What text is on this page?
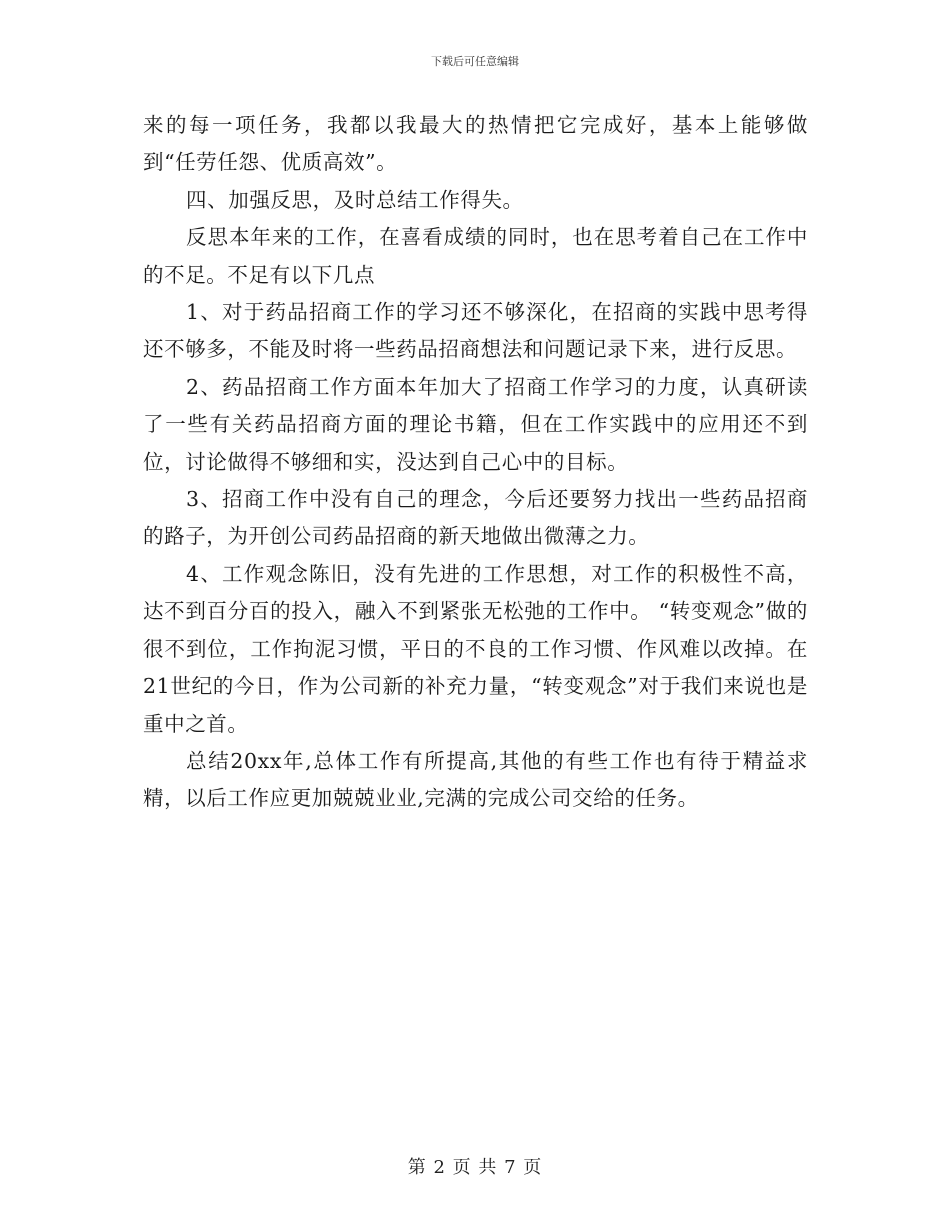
下载后可任意编辑

来的每一项任务，我都以我最大的热情把它完成好，基本上能够做到“任劳任怨、优质高效”。

四、加强反思，及时总结工作得失。

反思本年来的工作，在喜看成绩的同时，也在思考着自己在工作中的不足。不足有以下几点

1、对于药品招商工作的学习还不够深化，在招商的实践中思考得还不够多，不能及时将一些药品招商想法和问题记录下来，进行反思。

2、药品招商工作方面本年加大了招商工作学习的力度，认真研读了一些有关药品招商方面的理论书籍，但在工作实践中的应用还不到位，讨论做得不够细和实，没达到自己心中的目标。

3、招商工作中没有自己的理念，今后还要努力找出一些药品招商的路子，为开创公司药品招商的新天地做出微薄之力。

4、工作观念陈旧，没有先进的工作思想，对工作的积极性不高，达不到百分百的投入，融入不到紧张无松弛的工作中。 “转变观念”做的很不到位，工作拘泥习惯，平日的不良的工作习惯、作风难以改掉。在21世纪的今日，作为公司新的补充力量，“转变观念”对于我们来说也是重中之首。

总结20xx年,总体工作有所提高,其他的有些工作也有待于精益求精，以后工作应更加兢兢业业,完满的完成公司交给的任务。

第 2 页 共 7 页
